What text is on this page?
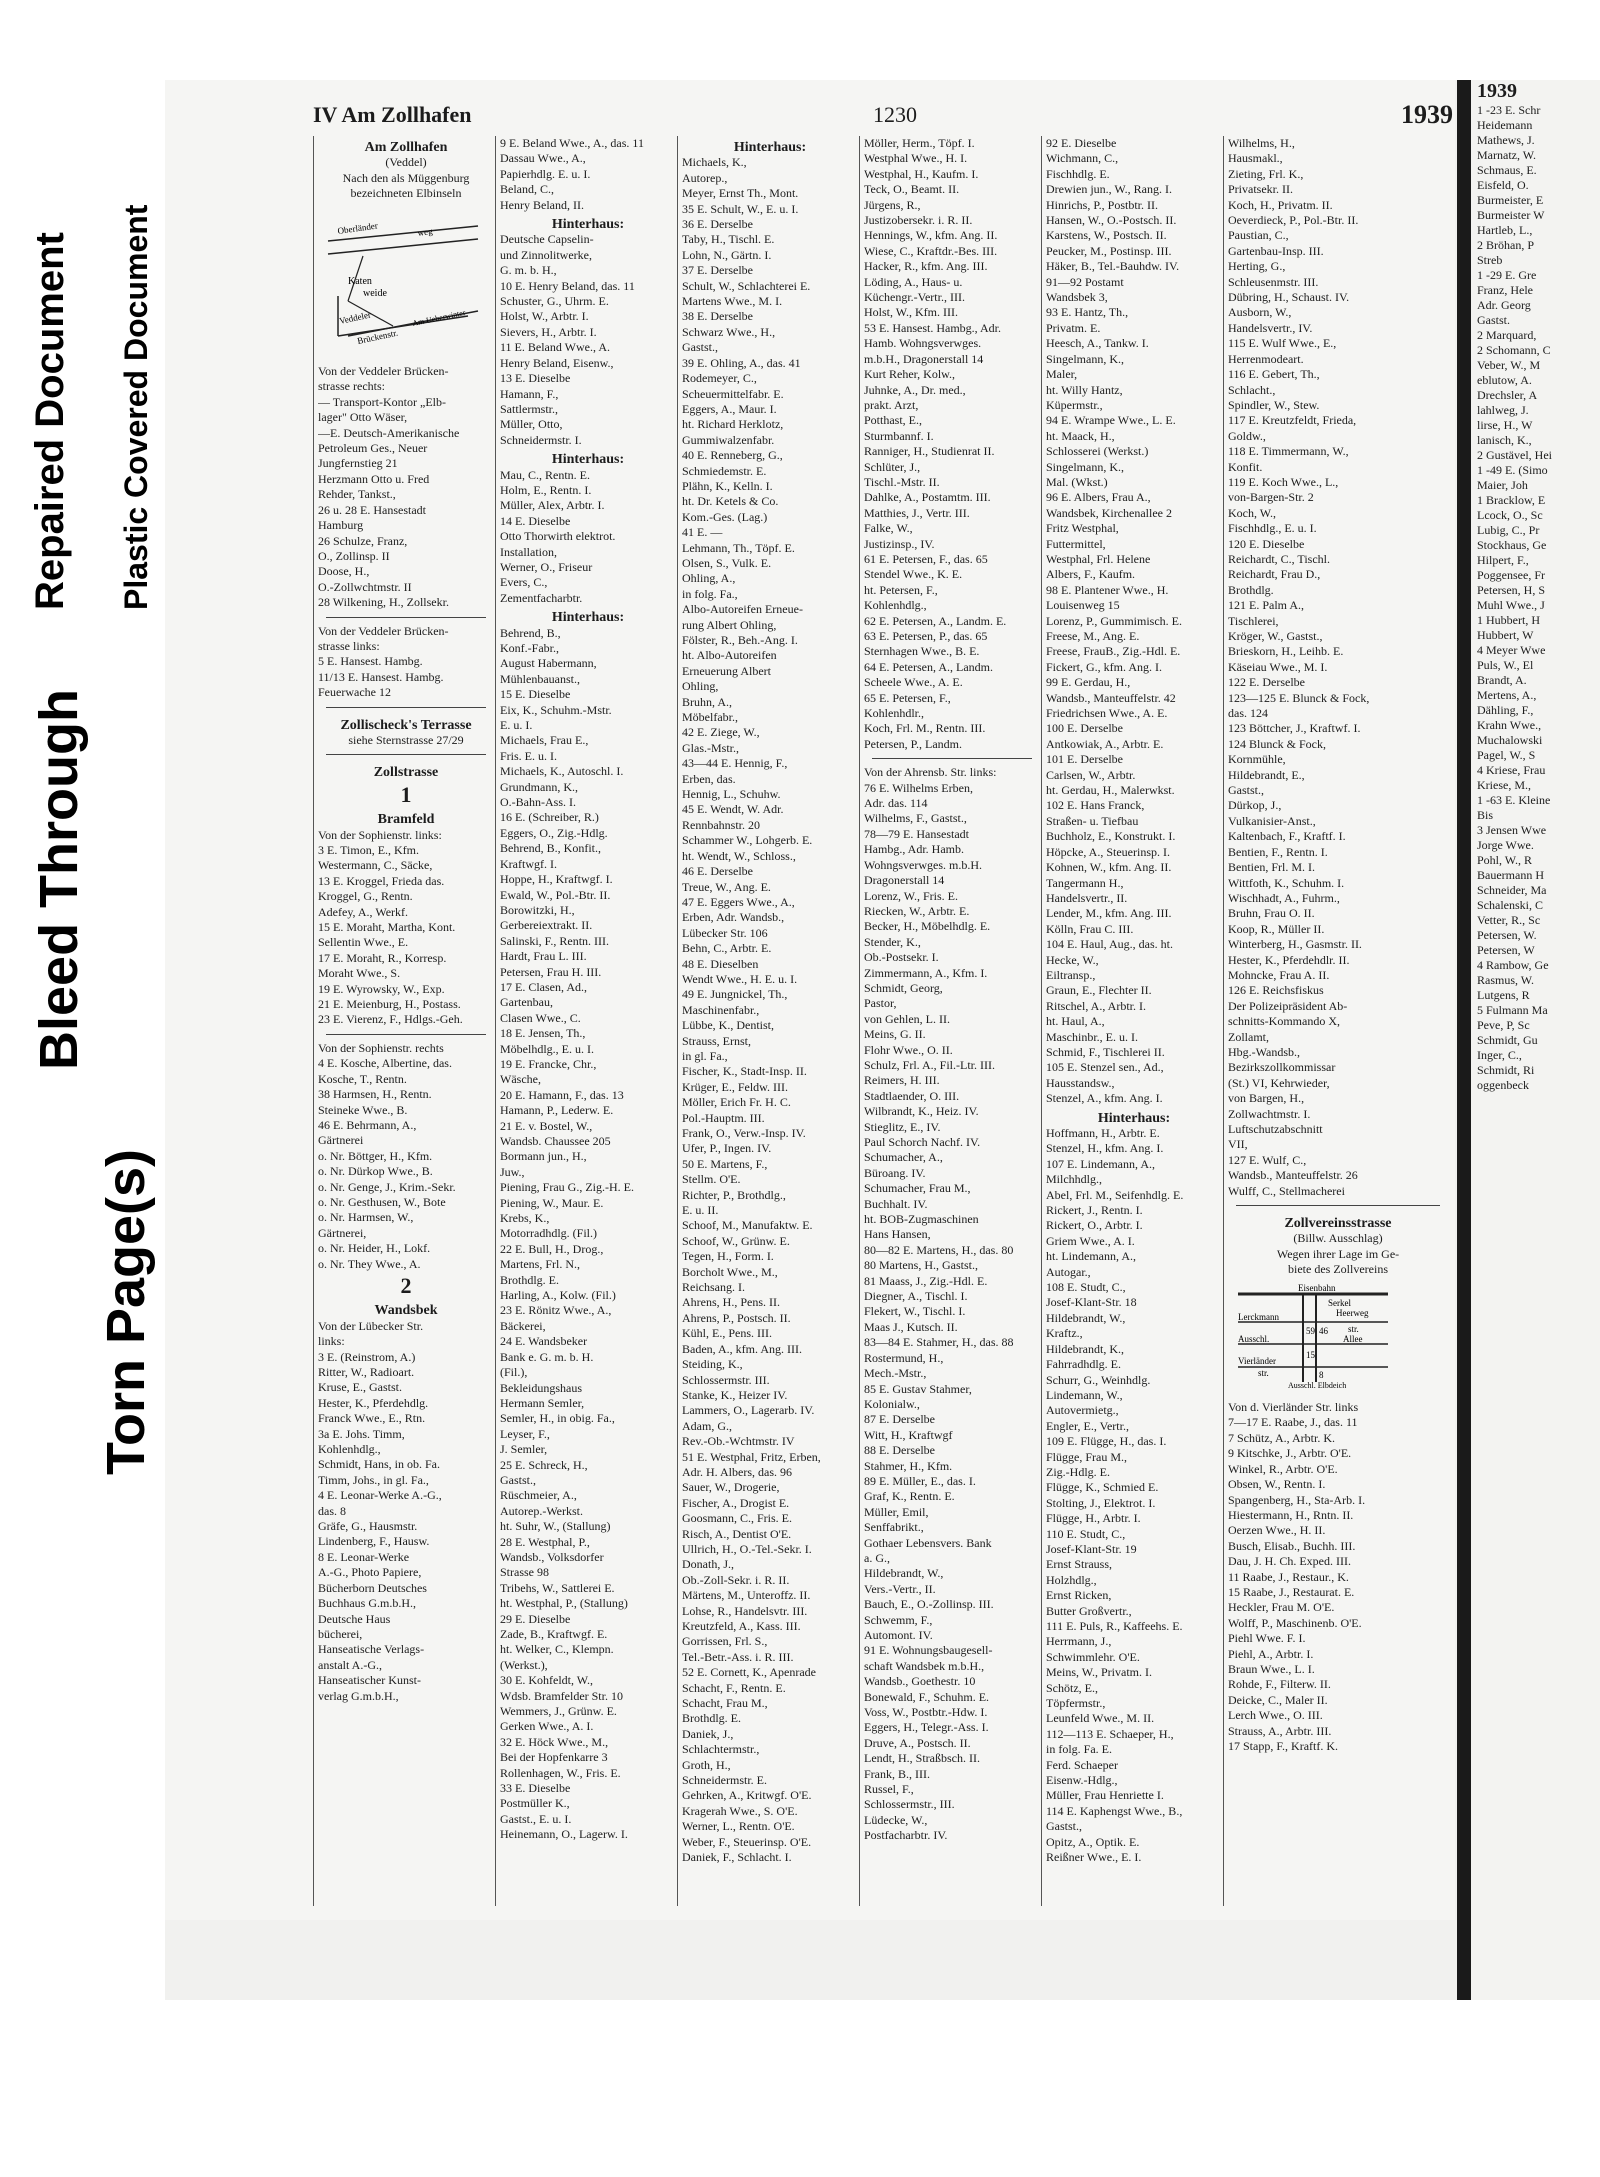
Bleed Through
Torn Page(s)
Repaired Document Plastic Covered Document
IV Am Zollhafen	1230	1939
Am Zollhafen
(Veddel)
Nach den als Müggenburg
bezeichneten Elbinseln
Oberländer	weg
Katen
weide
Veddeler
Brückenstr.
Am Ueberwinter
Von der Veddeler Brücken-
strasse rechts:
— Transport-Kontor „Elb-
lager" Otto Wäser,
—E. Deutsch-Amerikanische
Petroleum Ges., Neuer
Jungfernstieg 21
Herzmann Otto u. Fred
Rehder, Tankst.,
26 u. 28 E. Hansestadt
Hamburg
26 Schulze, Franz,
O., Zollinsp. II
Doose, H.,
O.-Zollwchtmstr. II
28 Wilkening, H., Zollsekr.
Von der Veddeler Brücken-
strasse links:
5 E. Hansest. Hambg.
11/13 E. Hansest. Hambg.
Feuerwache 12
Zollischeck's Terrasse
siehe Sternstrasse 27/29
Zollstrasse
1
Bramfeld
Von der Sophienstr. links:
3 E. Timon, E., Kfm.
Westermann, C., Säcke,
13 E. Kroggel, Frieda das.
Kroggel, G., Rentn.
Adefey, A., Werkf.
15 E. Moraht, Martha, Kont.
Sellentin Wwe., E.
17 E. Moraht, R., Korresp.
Moraht Wwe., S.
19 E. Wyrowsky, W., Exp.
21 E. Meienburg, H., Postass.
23 E. Vierenz, F., Hdlgs.-Geh.
Von der Sophienstr. rechts
4 E. Kosche, Albertine, das.
Kosche, T., Rentn.
38 Harmsen, H., Rentn.
Steineke Wwe., B.
46 E. Behrmann, A.,
Gärtnerei
o. Nr. Böttger, H., Kfm.
o. Nr. Dürkop Wwe., B.
o. Nr. Genge, J., Krim.-Sekr.
o. Nr. Gesthusen, W., Bote
o. Nr. Harmsen, W.,
Gärtnerei,
o. Nr. Heider, H., Lokf.
o. Nr. They Wwe., A.
2
Wandsbek
Von der Lübecker Str.
links:
3 E. (Reinstrom, A.)
Ritter, W., Radioart.
Kruse, E., Gastst.
Hester, K., Pferdehdlg.
Franck Wwe., E., Rtn.
3a E. Johs. Timm,
Kohlenhdlg.,
Schmidt, Hans, in ob. Fa.
Timm, Johs., in gl. Fa.,
4 E. Leonar-Werke A.-G.,
das. 8
Gräfe, G., Hausmstr.
Lindenberg, F., Hausw.
8 E. Leonar-Werke
A.-G., Photo Papiere,
Bücherborn Deutsches
Buchhaus G.m.b.H.,
Deutsche Haus
bücherei,
Hanseatische Verlags-
anstalt A.-G.,
Hanseatischer Kunst-
verlag G.m.b.H.,
9 E. Beland Wwe., A., das. 11
Dassau Wwe., A.,
Papierhdlg. E. u. I.
Beland, C.,
Henry Beland, II.
Hinterhaus:
Deutsche Capselin-
und Zinnolitwerke,
G. m. b. H.,
10 E. Henry Beland, das. 11
Schuster, G., Uhrm. E.
Holst, W., Arbtr. I.
Sievers, H., Arbtr. I.
11 E. Beland Wwe., A.
Henry Beland, Eisenw.,
13 E. Dieselbe
Hamann, F.,
Sattlermstr.,
Müller, Otto,
Schneidermstr. I.
Hinterhaus:
Mau, C., Rentn. E.
Holm, E., Rentn. I.
Müller, Alex, Arbtr. I.
14 E. Dieselbe
Otto Thorwirth elektrot.
Installation,
Werner, O., Friseur
Evers, C.,
Zementfacharbtr.
Hinterhaus:
Behrend, B.,
Konf.-Fabr.,
August Habermann,
Mühlenbauanst.,
15 E. Dieselbe
Eix, K., Schuhm.-Mstr.
E. u. I.
Michaels, Frau E.,
Fris. E. u. I.
Michaels, K., Autoschl. I.
Grundmann, K.,
O.-Bahn-Ass. I.
16 E. (Schreiber, R.)
Eggers, O., Zig.-Hdlg.
Behrend, B., Konfit.,
Kraftwgf. I.
Hoppe, H., Kraftwgf. I.
Ewald, W., Pol.-Btr. II.
Borowitzki, H.,
Gerbereiextrakt. II.
Salinski, F., Rentn. III.
Hardt, Frau L. III.
Petersen, Frau H. III.
17 E. Clasen, Ad.,
Gartenbau,
Clasen Wwe., C.
18 E. Jensen, Th.,
Möbelhdlg., E. u. I.
19 E. Francke, Chr.,
Wäsche,
20 E. Hamann, F., das. 13
Hamann, P., Lederw. E.
21 E. v. Bostel, W.,
Wandsb. Chaussee 205
Bormann jun., H.,
Juw.,
Piening, Frau G., Zig.-H. E.
Piening, W., Maur. E.
Krebs, K.,
Motorradhdlg. (Fil.)
22 E. Bull, H., Drog.,
Martens, Frl. N.,
Brothdlg. E.
Harling, A., Kolw. (Fil.)
23 E. Rönitz Wwe., A.,
Bäckerei,
24 E. Wandsbeker
Bank e. G. m. b. H.
(Fil.),
Bekleidungshaus
Hermann Semler,
Semler, H., in obig. Fa.,
Leyser, F.,
J. Semler,
25 E. Schreck, H.,
Gastst.,
Rüschmeier, A.,
Autorep.-Werkst.
ht. Suhr, W., (Stallung)
28 E. Westphal, P.,
Wandsb., Volksdorfer
Strasse 98
Tribehs, W., Sattlerei E.
ht. Westphal, P., (Stallung)
29 E. Dieselbe
Zade, B., Kraftwgf. E.
ht. Welker, C., Klempn.
(Werkst.),
30 E. Kohfeldt, W.,
Wdsb. Bramfelder Str. 10
Wemmers, J., Grünw. E.
Gerken Wwe., A. I.
32 E. Höck Wwe., M.,
Bei der Hopfenkarre 3
Rollenhagen, W., Fris. E.
33 E. Dieselbe
Postmüller K.,
Gastst., E. u. I.
Heinemann, O., Lagerw. I.
Hinterhaus:
Michaels, K.,
Autorep.,
Meyer, Ernst Th., Mont.
35 E. Schult, W., E. u. I.
36 E. Derselbe
Taby, H., Tischl. E.
Lohn, N., Gärtn. I.
37 E. Derselbe
Schult, W., Schlachterei E.
Martens Wwe., M. I.
38 E. Derselbe
Schwarz Wwe., H.,
Gastst.,
39 E. Ohling, A., das. 41
Rodemeyer, C.,
Scheuermittelfabr. E.
Eggers, A., Maur. I.
ht. Richard Herklotz,
Gummiwalzenfabr.
40 E. Renneberg, G.,
Schmiedemstr. E.
Plähn, K., Kelln. I.
ht. Dr. Ketels & Co.
Kom.-Ges. (Lag.)
41 E. —
Lehmann, Th., Töpf. E.
Olsen, S., Vulk. E.
Ohling, A.,
in folg. Fa.,
Albo-Autoreifen Erneue-
rung Albert Ohling,
Fölster, R., Beh.-Ang. I.
ht. Albo-Autoreifen
Erneuerung Albert
Ohling,
Bruhn, A.,
Möbelfabr.,
42 E. Ziege, W.,
Glas.-Mstr.,
43—44 E. Hennig, F.,
Erben, das.
Hennig, L., Schuhw.
45 E. Wendt, W. Adr.
Rennbahnstr. 20
Schammer W., Lohgerb. E.
ht. Wendt, W., Schloss.,
46 E. Derselbe
Treue, W., Ang. E.
47 E. Eggers Wwe., A.,
Erben, Adr. Wandsb.,
Lübecker Str. 106
Behn, C., Arbtr. E.
48 E. Dieselben
Wendt Wwe., H. E. u. I.
49 E. Jungnickel, Th.,
Maschinenfabr.,
Lübbe, K., Dentist,
Strauss, Ernst,
in gl. Fa.,
Fischer, K., Stadt-Insp. II.
Krüger, E., Feldw. III.
Möller, Erich Fr. H. C.
Pol.-Hauptm. III.
Frank, O., Verw.-Insp. IV.
Ufer, P., Ingen. IV.
50 E. Martens, F.,
Stellm. O'E.
Richter, P., Brothdlg.,
E. u. II.
Schoof, M., Manufaktw. E.
Schoof, W., Grünw. E.
Tegen, H., Form. I.
Borcholt Wwe., M.,
Reichsang. I.
Ahrens, H., Pens. II.
Ahrens, P., Postsch. II.
Kühl, E., Pens. III.
Baden, A., kfm. Ang. III.
Steiding, K.,
Schlossermstr. III.
Stanke, K., Heizer IV.
Lammers, O., Lagerarb. IV.
Adam, G.,
Rev.-Ob.-Wchtmstr. IV
51 E. Westphal, Fritz, Erben,
Adr. H. Albers, das. 96
Sauer, W., Drogerie,
Fischer, A., Drogist E.
Goosmann, C., Fris. E.
Risch, A., Dentist O'E.
Ullrich, H., O.-Tel.-Sekr. I.
Donath, J.,
Ob.-Zoll-Sekr. i. R. II.
Märtens, M., Unteroffz. II.
Lohse, R., Handelsvtr. III.
Kreutzfeld, A., Kass. III.
Gorrissen, Frl. S.,
Tel.-Betr.-Ass. i. R. III.
52 E. Cornett, K., Apenrade
Schacht, F., Rentn. E.
Schacht, Frau M.,
Brothdlg. E.
Daniek, J.,
Schlachtermstr.,
Groth, H.,
Schneidermstr. E.
Gehrken, A., Kritwgf. O'E.
Kragerah Wwe., S. O'E.
Werner, L., Rentn. O'E.
Weber, F., Steuerinsp. O'E.
Daniek, F., Schlacht. I.
Möller, Herm., Töpf. I.
Westphal Wwe., H. I.
Westphal, H., Kaufm. I.
Teck, O., Beamt. II.
Jürgens, R.,
Justizobersekr. i. R. II.
Hennings, W., kfm. Ang. II.
Wiese, C., Kraftdr.-Bes. III.
Hacker, R., kfm. Ang. III.
Löding, A., Haus- u.
Küchengr.-Vertr., III.
Holst, W., Kfm. III.
53 E. Hansest. Hambg., Adr.
Hamb. Wohngsverwges.
m.b.H., Dragonerstall 14
Kurt Reher, Kolw.,
Juhnke, A., Dr. med.,
prakt. Arzt,
Potthast, E.,
Sturmbannf. I.
Ranniger, H., Studienrat II.
Schlüter, J.,
Tischl.-Mstr. II.
Dahlke, A., Postamtm. III.
Matthies, J., Vertr. III.
Falke, W.,
Justizinsp., IV.
61 E. Petersen, F., das. 65
Stendel Wwe., K. E.
ht. Petersen, F.,
Kohlenhdlg.,
62 E. Petersen, A., Landm. E.
63 E. Petersen, P., das. 65
Sternhagen Wwe., B. E.
64 E. Petersen, A., Landm.
Scheele Wwe., A. E.
65 E. Petersen, F.,
Kohlenhdlr.,
Koch, Frl. M., Rentn. III.
Petersen, P., Landm.
Von der Ahrensb. Str. links:
76 E. Wilhelms Erben,
Adr. das. 114
Wilhelms, F., Gastst.,
78—79 E. Hansestadt
Hambg., Adr. Hamb.
Wohngsverwges. m.b.H.
Dragonerstall 14
Lorenz, W., Fris. E.
Riecken, W., Arbtr. E.
Becker, H., Möbelhdlg. E.
Stender, K.,
Ob.-Postsekr. I.
Zimmermann, A., Kfm. I.
Schmidt, Georg,
Pastor,
von Gehlen, L. II.
Meins, G. II.
Flohr Wwe., O. II.
Schulz, Frl. A., Fil.-Ltr. III.
Reimers, H. III.
Stadtlaender, O. III.
Wilbrandt, K., Heiz. IV.
Stieglitz, E., IV.
Paul Schorch Nachf. IV.
Schumacher, A.,
Büroang. IV.
Schumacher, Frau M.,
Buchhalt. IV.
ht. BOB-Zugmaschinen
Hans Hansen,
80—82 E. Martens, H., das. 80
80 Martens, H., Gastst.,
81 Maass, J., Zig.-Hdl. E.
Diegner, A., Tischl. I.
Flekert, W., Tischl. I.
Maas J., Kutsch. II.
83—84 E. Stahmer, H., das. 88
Rostermund, H.,
Mech.-Mstr.,
85 E. Gustav Stahmer,
Kolonialw.,
87 E. Derselbe
Witt, H., Kraftwgf
88 E. Derselbe
Stahmer, H., Kfm.
89 E. Müller, E., das. I.
Graf, K., Rentn. E.
Müller, Emil,
Senffabrikt.,
Gothaer Lebensvers. Bank
a. G.,
Hildebrandt, W.,
Vers.-Vertr., II.
Bauch, E., O.-Zollinsp. III.
Schwemm, F.,
Automont. IV.
91 E. Wohnungsbaugesell-
schaft Wandsbek m.b.H.,
Wandsb., Goethestr. 10
Bonewald, F., Schuhm. E.
Voss, W., Postbtr.-Hdw. I.
Eggers, H., Telegr.-Ass. I.
Druve, A., Postsch. II.
Lendt, H., Straßbsch. II.
Frank, B., III.
Russel, F.,
Schlossermstr., III.
Lüdecke, W.,
Postfacharbtr. IV.
92 E. Dieselbe
Wichmann, C.,
Fischhdlg. E.
Drewien jun., W., Rang. I.
Hinrichs, P., Postbtr. II.
Hansen, W., O.-Postsch. II.
Karstens, W., Postsch. II.
Peucker, M., Postinsp. III.
Häker, B., Tel.-Bauhdw. IV.
91—92 Postamt
Wandsbek 3,
93 E. Hantz, Th.,
Privatm. E.
Heesch, A., Tankw. I.
Singelmann, K.,
Maler,
ht. Willy Hantz,
Küpermstr.,
94 E. Wrampe Wwe., L. E.
ht. Maack, H.,
Schlosserei (Werkst.)
Singelmann, K.,
Mal. (Wkst.)
96 E. Albers, Frau A.,
Wandsbek, Kirchenallee 2
Fritz Westphal,
Futtermittel,
Westphal, Frl. Helene
Albers, F., Kaufm.
98 E. Plantener Wwe., H.
Louisenweg 15
Lorenz, P., Gummimisch. E.
Freese, M., Ang. E.
Freese, FrauB., Zig.-Hdl. E.
Fickert, G., kfm. Ang. I.
99 E. Gerdau, H.,
Wandsb., Manteuffelstr. 42
Friedrichsen Wwe., A. E.
100 E. Derselbe
Antkowiak, A., Arbtr. E.
101 E. Derselbe
Carlsen, W., Arbtr.
ht. Gerdau, H., Malerwkst.
102 E. Hans Franck,
Straßen- u. Tiefbau
Buchholz, E., Konstrukt. I.
Höpcke, A., Steuerinsp. I.
Kohnen, W., kfm. Ang. II.
Tangermann H.,
Handelsvertr., II.
Lender, M., kfm. Ang. III.
Kölln, Frau C. III.
104 E. Haul, Aug., das. ht.
Hecke, W.,
Eiltransp.,
Graun, E., Flechter II.
Ritschel, A., Arbtr. I.
ht. Haul, A.,
Maschinbr., E. u. I.
Schmid, F., Tischlerei II.
105 E. Stenzel sen., Ad.,
Hausstandsw.,
Stenzel, A., kfm. Ang. I.
Hinterhaus:
Hoffmann, H., Arbtr. E.
Stenzel, H., kfm. Ang. I.
107 E. Lindemann, A.,
Milchhdlg.,
Abel, Frl. M., Seifenhdlg. E.
Rickert, J., Rentn. I.
Rickert, O., Arbtr. I.
Griem Wwe., A. I.
ht. Lindemann, A.,
Autogar.,
108 E. Studt, C.,
Josef-Klant-Str. 18
Hildebrandt, W.,
Kraftz.,
Hildebrandt, K.,
Fahrradhdlg. E.
Schurr, G., Weinhdlg.
Lindemann, W.,
Autovermietg.,
Engler, E., Vertr.,
109 E. Flügge, H., das. I.
Flügge, Frau M.,
Zig.-Hdlg. E.
Flügge, K., Schmied E.
Stolting, J., Elektrot. I.
Flügge, H., Arbtr. I.
110 E. Studt, C.,
Josef-Klant-Str. 19
Ernst Strauss,
Holzhdlg.,
Ernst Ricken,
Butter Großvertr.,
111 E. Puls, R., Kaffeehs. E.
Herrmann, J.,
Schwimmlehr. O'E.
Meins, W., Privatm. I.
Schötz, E.,
Töpfermstr.,
Leunfeld Wwe., M. II.
112—113 E. Schaeper, H.,
in folg. Fa. E.
Ferd. Schaeper
Eisenw.-Hdlg.,
Müller, Frau Henriette I.
114 E. Kaphengst Wwe., B.,
Gastst.,
Opitz, A., Optik. E.
Reißner Wwe., E. I.
Wilhelms, H.,
Hausmakl.,
Zieting, Frl. K.,
Privatsekr. II.
Koch, H., Privatm. II.
Oeverdieck, P., Pol.-Btr. II.
Paustian, C.,
Gartenbau-Insp. III.
Herting, G.,
Schleusenmstr. III.
Dübring, H., Schaust. IV.
Ausborn, W.,
Handelsvertr., IV.
115 E. Wulf Wwe., E.,
Herrenmodeart.
116 E. Gebert, Th.,
Schlacht.,
Spindler, W., Stew.
117 E. Kreutzfeldt, Frieda,
Goldw.,
118 E. Timmermann, W.,
Konfit.
119 E. Koch Wwe., L.,
von-Bargen-Str. 2
Koch, W.,
Fischhdlg., E. u. I.
120 E. Dieselbe
Reichardt, C., Tischl.
Reichardt, Frau D.,
Brothdlg.
121 E. Palm A.,
Tischlerei,
Kröger, W., Gastst.,
Brieskorn, H., Leihb. E.
Käseiau Wwe., M. I.
122 E. Derselbe
123—125 E. Blunck & Fock,
das. 124
123 Böttcher, J., Kraftwf. I.
124 Blunck & Fock,
Kornmühle,
Hildebrandt, E.,
Gastst.,
Dürkop, J.,
Vulkanisier-Anst.,
Kaltenbach, F., Kraftf. I.
Bentien, F., Rentn. I.
Bentien, Frl. M. I.
Wittfoth, K., Schuhm. I.
Wischhadt, A., Fuhrm.,
Bruhn, Frau O. II.
Koop, R., Müller II.
Winterberg, H., Gasmstr. II.
Hester, K., Pferdehdlr. II.
Mohncke, Frau A. II.
126 E. Reichsfiskus
Der Polizeipräsident Ab-
schnitts-Kommando X,
Zollamt,
Hbg.-Wandsb.,
Bezirkszollkommissar
(St.) VI, Kehrwieder,
von Bargen, H.,
Zollwachtmstr. I.
Luftschutzabschnitt
VII,
127 E. Wulf, C.,
Wandsb., Manteuffelstr. 26
Wulff, C., Stellmacherei
Zollvereinsstrasse
(Billw. Ausschlag)
Wegen ihrer Lage im Ge-
biete des Zollvereins
Eisenbahn
Serkel
Heerweg
Lerckmann
str.
Ausschl.	Allee
Vierländer
str.
Ausschl. Elbdeich
59 46
15
8
Von d. Vierländer Str. links
7—17 E. Raabe, J., das. 11
7 Schütz, A., Arbtr. K.
9 Kitschke, J., Arbtr. O'E.
Winkel, R., Arbtr. O'E.
Obsen, W., Rentn. I.
Spangenberg, H., Sta-Arb. I.
Hiestermann, H., Rntn. II.
Oerzen Wwe., H. II.
Busch, Elisab., Buchh. III.
Dau, J. H. Ch. Exped. III.
11 Raabe, J., Restaur., K.
15 Raabe, J., Restaurat. E.
Heckler, Frau M. O'E.
Wolff, P., Maschinenb. O'E.
Piehl Wwe. F. I.
Piehl, A., Arbtr. I.
Braun Wwe., L. I.
Rohde, F., Filterw. II.
Deicke, C., Maler II.
Lerch Wwe., O. III.
Strauss, A., Arbtr. III.
17 Stapp, F., Kraftf. K.
1939
1 -23 E. Schr
Heidemann
Mathews, J.
Marnatz, W.
Schmaus, E.
Eisfeld, O.
Burmeister, E
Burmeister W
Hartleb, L.,
2 Bröhan, P
Streb
1 -29 E. Gre
Franz, Hele
Adr. Georg
Gastst.
2 Marquard,
2 Schomann, C
Veber, W., M
eblutow, A.
Drechsler, A
lahlweg, J.
lirse, H., W
lanisch, K.,
2 Gustävel, Hei
1 -49 E. (Simo
Maier, Joh
1 Bracklow, E
Lcock, O., Sc
Lubig, C., Pr
Stockhaus, Ge
Hilpert, F.,
Poggensee, Fr
Petersen, H, S
Muhl Wwe., J
1 Hubbert, H
Hubbert, W
4 Meyer Wwe
Puls, W., El
Brandt, A.
Mertens, A.,
Dähling, F.,
Krahn Wwe.,
Muchalowski
Pagel, W., S
4 Kriese, Frau
Kriese, M.,
1 -63 E. Kleine
Bis
3 Jensen Wwe
Jorge Wwe.
Pohl, W., R
Bauermann H
Schneider, Ma
Schalenski, C
Vetter, R., Sc
Petersen, W.
Petersen, W
4 Rambow, Ge
Rasmus, W.
Lutgens, R
5 Fulmann Ma
Peve, P, Sc
Schmidt, Gu
Inger, C.,
Schmidt, Ri
oggenbeck
